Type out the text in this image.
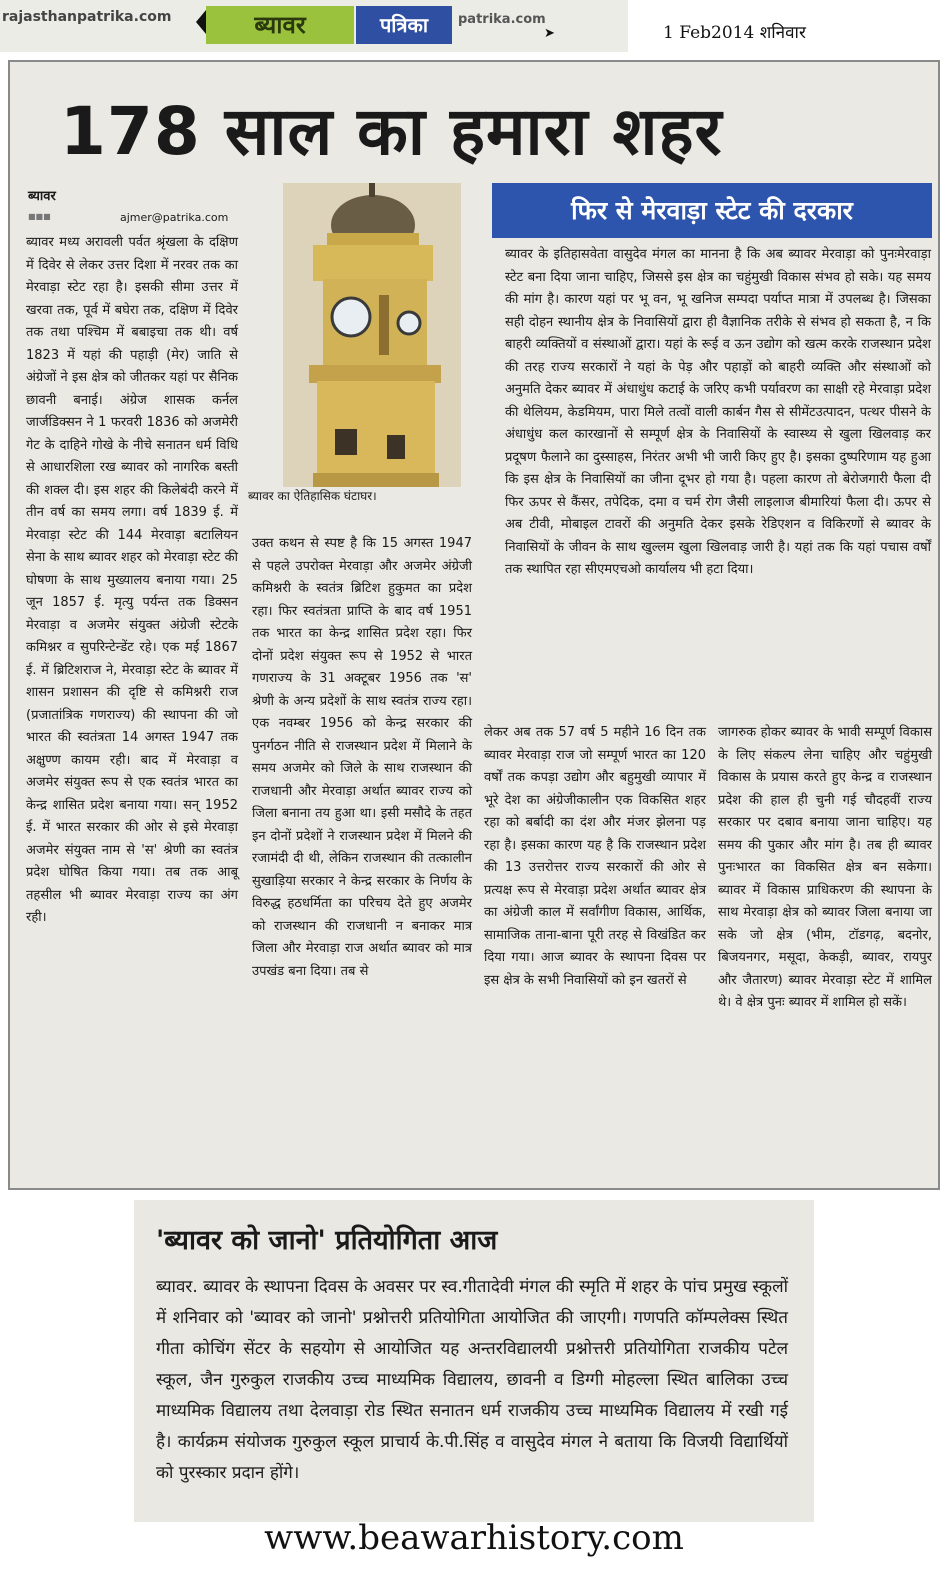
rajasthanpatrika.com	ब्यावर	पत्रिका	patrika.com
➤	1 Feb2014 शनिवार
178 साल का हमारा शहर
ब्यावर
■■■	ajmer@patrika.com
ब्यावर मध्य अरावली पर्वत श्रृंखला के दक्षिण में दिवेर से लेकर उत्तर दिशा में नरवर तक का मेरवाड़ा स्टेट रहा है। इसकी सीमा उत्तर में खरवा तक, पूर्व में बघेरा तक, दक्षिण में दिवेर तक तथा पश्चिम में बबाइचा तक थी। वर्ष 1823 में यहां की पहाड़ी (मेर) जाति से अंग्रेजों ने इस क्षेत्र को जीतकर यहां पर सैनिक छावनी बनाई। अंग्रेज शासक कर्नल जार्जडिक्सन ने 1 फरवरी 1836 को अजमेरी गेट के दाहिने गोखे के नीचे सनातन धर्म विधि से आधारशिला रख ब्यावर को नागरिक बस्ती की शक्ल दी। इस शहर की किलेबंदी करने में तीन वर्ष का समय लगा। वर्ष 1839 ई. में मेरवाड़ा स्टेट की 144 मेरवाड़ा बटालियन सेना के साथ ब्यावर शहर को मेरवाड़ा स्टेट की घोषणा के साथ मुख्यालय बनाया गया। 25 जून 1857 ई. मृत्यु पर्यन्त तक डिक्सन मेरवाड़ा व अजमेर संयुक्त अंग्रेजी स्टेटके कमिश्नर व सुपरिन्टेन्डेंट रहे। एक मई 1867 ई. में ब्रिटिशराज ने, मेरवाड़ा स्टेट के ब्यावर में शासन प्रशासन की दृष्टि से कमिश्नरी राज (प्रजातांत्रिक गणराज्य) की स्थापना की जो भारत की स्वतंत्रता 14 अगस्त 1947 तक अक्षुण्ण कायम रही। बाद में मेरवाड़ा व अजमेर संयुक्त रूप से एक स्वतंत्र भारत का केन्द्र शासित प्रदेश बनाया गया। सन् 1952 ई. में भारत सरकार की ओर से इसे मेरवाड़ा अजमेर संयुक्त नाम से 'स' श्रेणी का स्वतंत्र प्रदेश घोषित किया गया। तब तक आबू तहसील भी ब्यावर मेरवाड़ा राज्य का अंग रही।
ब्यावर का ऐतिहासिक घंटाघर।
उक्त कथन से स्पष्ट है कि 15 अगस्त 1947 से पहले उपरोक्त मेरवाड़ा और अजमेर अंग्रेजी कमिश्नरी के स्वतंत्र ब्रिटिश हुकुमत का प्रदेश रहा। फिर स्वतंत्रता प्राप्ति के बाद वर्ष 1951 तक भारत का केन्द्र शासित प्रदेश रहा। फिर दोनों प्रदेश संयुक्त रूप से 1952 से भारत गणराज्य के 31 अक्टूबर 1956 तक 'स' श्रेणी के अन्य प्रदेशों के साथ स्वतंत्र राज्य रहा। एक नवम्बर 1956 को केन्द्र सरकार की पुनर्गठन नीति से राजस्थान प्रदेश में मिलाने के समय अजमेर को जिले के साथ राजस्थान की राजधानी और मेरवाड़ा अर्थात ब्यावर राज्य को जिला बनाना तय हुआ था। इसी मसौदे के तहत इन दोनों प्रदेशों ने राजस्थान प्रदेश में मिलने की रजामंदी दी थी, लेकिन राजस्थान की तत्कालीन सुखाड़िया सरकार ने केन्द्र सरकार के निर्णय के विरुद्ध हठधर्मिता का परिचय देते हुए अजमेर को राजस्थान की राजधानी न बनाकर मात्र जिला और मेरवाड़ा राज अर्थात ब्यावर को मात्र उपखंड बना दिया। तब से
लेकर अब तक 57 वर्ष 5 महीने 16 दिन तक ब्यावर मेरवाड़ा राज जो सम्पूर्ण भारत का 120 वर्षों तक कपड़ा उद्योग और बहुमुखी व्यापार में भूरे देश का अंग्रेजीकालीन एक विकसित शहर रहा को बर्बादी का दंश और मंजर झेलना पड़ रहा है। इसका कारण यह है कि राजस्थान प्रदेश की 13 उत्तरोत्तर राज्य सरकारों की ओर से प्रत्यक्ष रूप से मेरवाड़ा प्रदेश अर्थात ब्यावर क्षेत्र का अंग्रेजी काल में सर्वांगीण विकास, आर्थिक, सामाजिक ताना-बाना पूरी तरह से विखंडित कर दिया गया। आज ब्यावर के स्थापना दिवस पर इस क्षेत्र के सभी निवासियों को इन खतरों से
जागरुक होकर ब्यावर के भावी सम्पूर्ण विकास के लिए संकल्प लेना चाहिए और चहुंमुखी विकास के प्रयास करते हुए केन्द्र व राजस्थान प्रदेश की हाल ही चुनी गई चौदहवीं राज्य सरकार पर दबाव बनाया जाना चाहिए। यह समय की पुकार और मांग है। तब ही ब्यावर पुनःभारत का विकसित क्षेत्र बन सकेगा। ब्यावर में विकास प्राधिकरण की स्थापना के साथ मेरवाड़ा क्षेत्र को ब्यावर जिला बनाया जा सके जो क्षेत्र (भीम, टॉडगढ़, बदनोर, बिजयनगर, मसूदा, केकड़ी, ब्यावर, रायपुर और जैतारण) ब्यावर मेरवाड़ा स्टेट में शामिल थे। वे क्षेत्र पुनः ब्यावर में शामिल हो सकें।
फिर से मेरवाड़ा स्टेट की दरकार
ब्यावर के इतिहासवेता वासुदेव मंगल का मानना है कि अब ब्यावर मेरवाड़ा को पुनःमेरवाड़ा स्टेट बना दिया जाना चाहिए, जिससे इस क्षेत्र का चहुंमुखी विकास संभव हो सके। यह समय की मांग है। कारण यहां पर भू वन, भू खनिज सम्पदा पर्याप्त मात्रा में उपलब्ध है। जिसका सही दोहन स्थानीय क्षेत्र के निवासियों द्वारा ही वैज्ञानिक तरीके से संभव हो सकता है, न कि बाहरी व्यक्तियों व संस्थाओं द्वारा। यहां के रूई व ऊन उद्योग को खत्म करके राजस्थान प्रदेश की तरह राज्य सरकारों ने यहां के पेड़ और पहाड़ों को बाहरी व्यक्ति और संस्थाओं को अनुमति देकर ब्यावर में अंधाधुंध कटाई के जरिए कभी पर्यावरण का साक्षी रहे मेरवाड़ा प्रदेश की थेलियम, केडमियम, पारा मिले तत्वों वाली कार्बन गैस से सीमेंटउत्पादन, पत्थर पीसने के अंधाधुंध कल कारखानों से सम्पूर्ण क्षेत्र के निवासियों के स्वास्थ्य से खुला खिलवाड़ कर प्रदूषण फैलाने का दुस्साहस, निरंतर अभी भी जारी किए हुए है। इसका दुष्परिणाम यह हुआ कि इस क्षेत्र के निवासियों का जीना दूभर हो गया है। पहला कारण तो बेरोजगारी फैला दी फिर ऊपर से कैंसर, तपेदिक, दमा व चर्म रोग जैसी लाइलाज बीमारियां फैला दी। ऊपर से अब टीवी, मोबाइल टावरों की अनुमति देकर इसके रेडिएशन व विकिरणों से ब्यावर के निवासियों के जीवन के साथ खुल्लम खुला खिलवाड़ जारी है। यहां तक कि यहां पचास वर्षों तक स्थापित रहा सीएमएचओ कार्यालय भी हटा दिया।
'ब्यावर को जानो' प्रतियोगिता आज
ब्यावर. ब्यावर के स्थापना दिवस के अवसर पर स्व.गीतादेवी मंगल की स्मृति में शहर के पांच प्रमुख स्कूलों में शनिवार को 'ब्यावर को जानो' प्रश्नोत्तरी प्रतियोगिता आयोजित की जाएगी। गणपति कॉम्पलेक्स स्थित गीता कोचिंग सेंटर के सहयोग से आयोजित यह अन्तरविद्यालयी प्रश्नोत्तरी प्रतियोगिता राजकीय पटेल स्कूल, जैन गुरुकुल राजकीय उच्च माध्यमिक विद्यालय, छावनी व डिग्गी मोहल्ला स्थित बालिका उच्च माध्यमिक विद्यालय तथा देलवाड़ा रोड स्थित सनातन धर्म राजकीय उच्च माध्यमिक विद्यालय में रखी गई है। कार्यक्रम संयोजक गुरुकुल स्कूल प्राचार्य के.पी.सिंह व वासुदेव मंगल ने बताया कि विजयी विद्यार्थियों को पुरस्कार प्रदान होंगे।
www.beawarhistory.com
